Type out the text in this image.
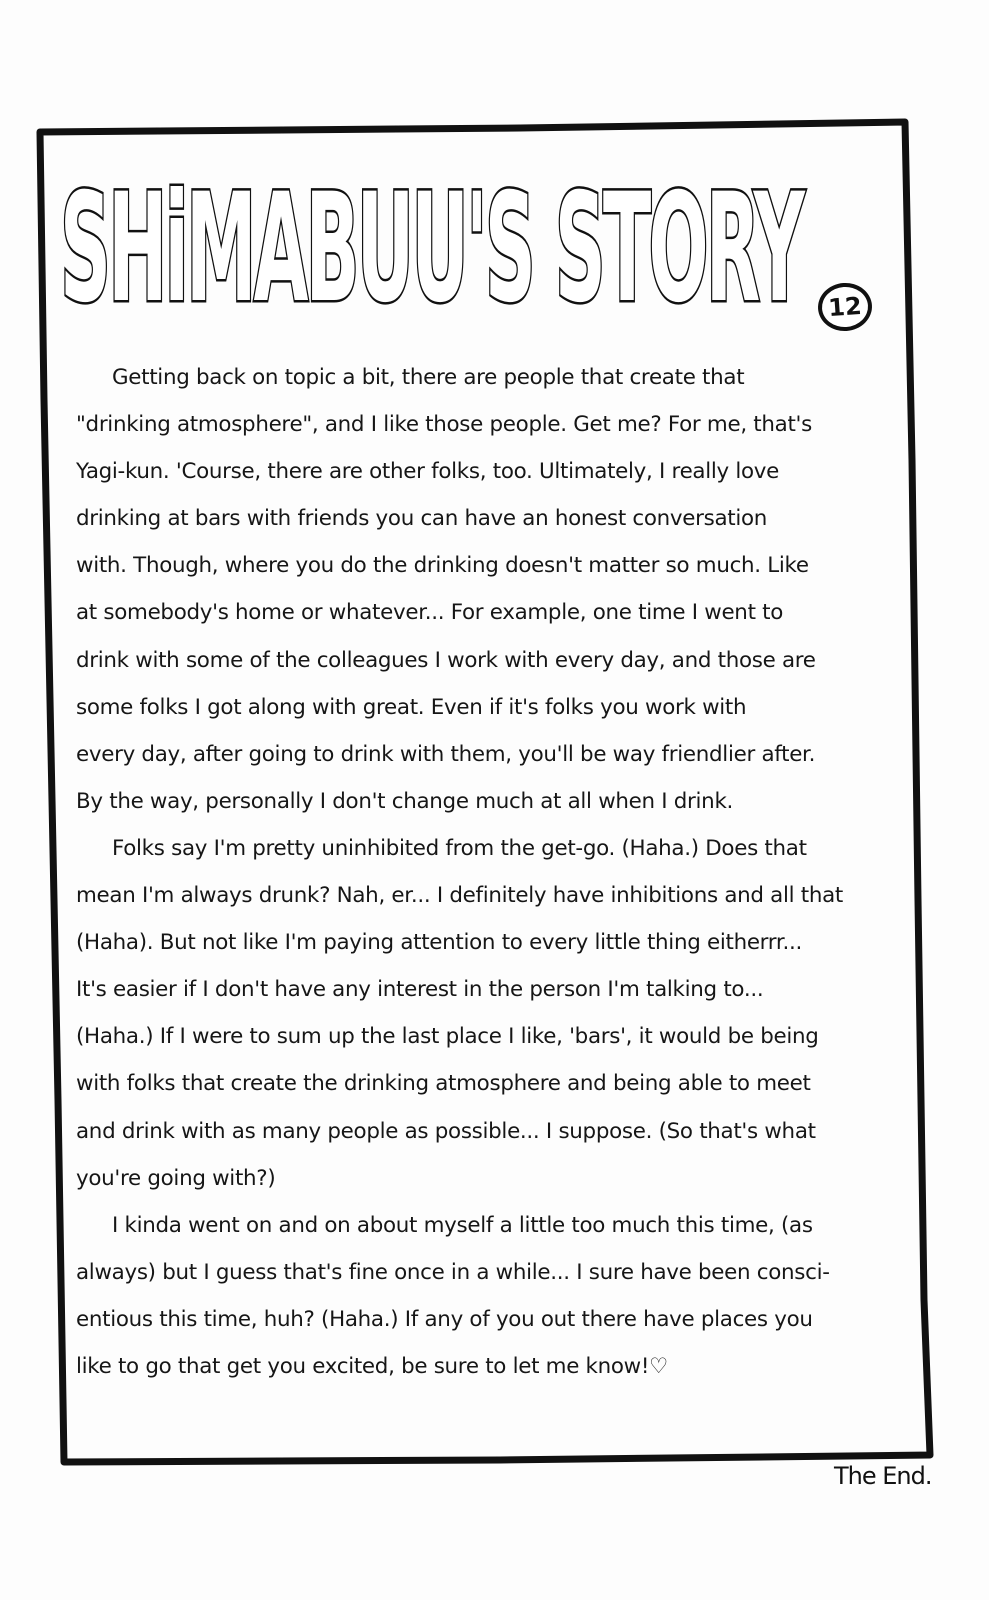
SHiMABUU'S STORY 12
Getting back on topic a bit, there are people that create that
"drinking atmosphere", and I like those people. Get me? For me, that's
Yagi-kun. 'Course, there are other folks, too. Ultimately, I really love
drinking at bars with friends you can have an honest conversation
with. Though, where you do the drinking doesn't matter so much. Like
at somebody's home or whatever... For example, one time I went to
drink with some of the colleagues I work with every day, and those are
some folks I got along with great. Even if it's folks you work with
every day, after going to drink with them, you'll be way friendlier after.
By the way, personally I don't change much at all when I drink.
Folks say I'm pretty uninhibited from the get-go. (Haha.) Does that
mean I'm always drunk? Nah, er... I definitely have inhibitions and all that
(Haha). But not like I'm paying attention to every little thing eitherrr...
It's easier if I don't have any interest in the person I'm talking to...
(Haha.) If I were to sum up the last place I like, 'bars', it would be being
with folks that create the drinking atmosphere and being able to meet
and drink with as many people as possible... I suppose. (So that's what
you're going with?)
I kinda went on and on about myself a little too much this time, (as
always) but I guess that's fine once in a while... I sure have been consci-
entious this time, huh? (Haha.) If any of you out there have places you
like to go that get you excited, be sure to let me know!♡
The End.
